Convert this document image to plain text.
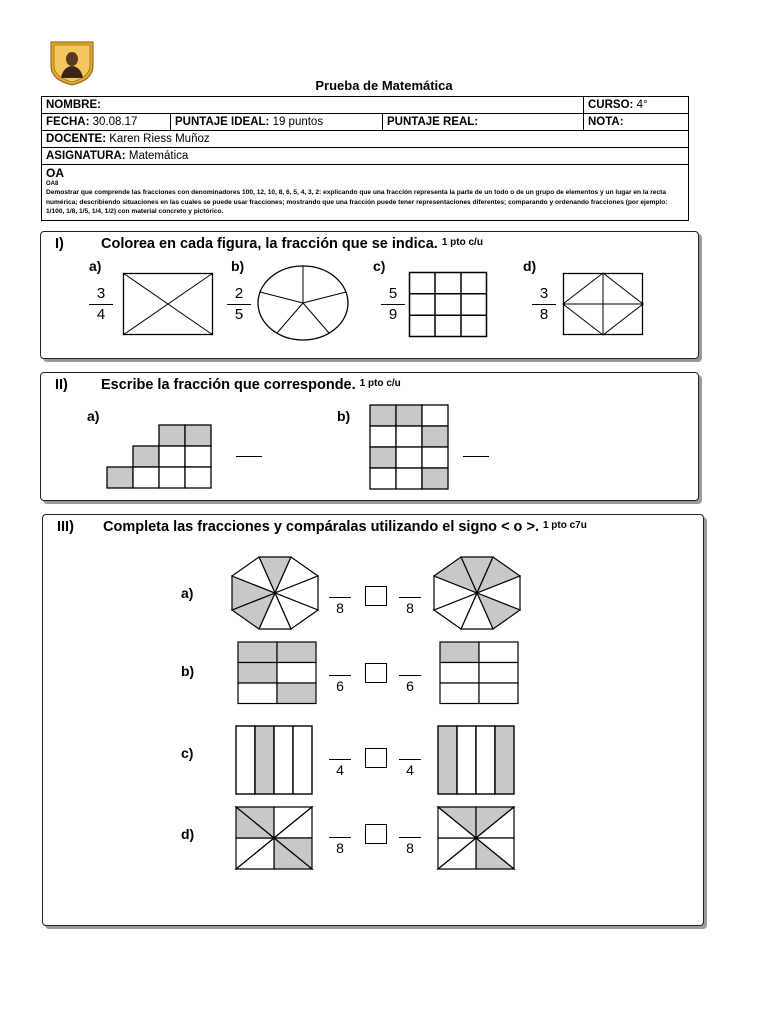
Prueba de Matemática
NOMBRE:			CURSO: 4°
FECHA: 30.08.17	PUNTAJE IDEAL: 19 puntos	PUNTAJE REAL:	NOTA:
DOCENTE: Karen Riess Muñoz			
ASIGNATURA: Matemática			

OA
OA8
Demostrar que comprende las fracciones con denominadores 100, 12, 10, 8, 6, 5, 4, 3, 2: explicando que una fracción representa la parte de un todo o de un grupo de elementos y un lugar en la recta numérica; describiendo situaciones en las cuales se puede usar fracciones; mostrando que una fracción puede tener representaciones diferentes; comparando y ordenando fracciones (por ejemplo: 1/100, 1/8, 1/5, 1/4, 1/2) con material concreto y pictórico.			
I)	Colorea en cada figura, la fracción que se indica. $^{1 pto c/u}$
a)
3
4
b)
2
5
c)
5
9
d)
3
8
II) Escribe la fracción que corresponde. $^{1 pto c/u}$
a)	b)
III) Completa las fracciones y compáralas utilizando el signo < o >. $^{1 pto c7u}$
a)
8	8
b)
6	6
c)
4	4
d)
8	8
